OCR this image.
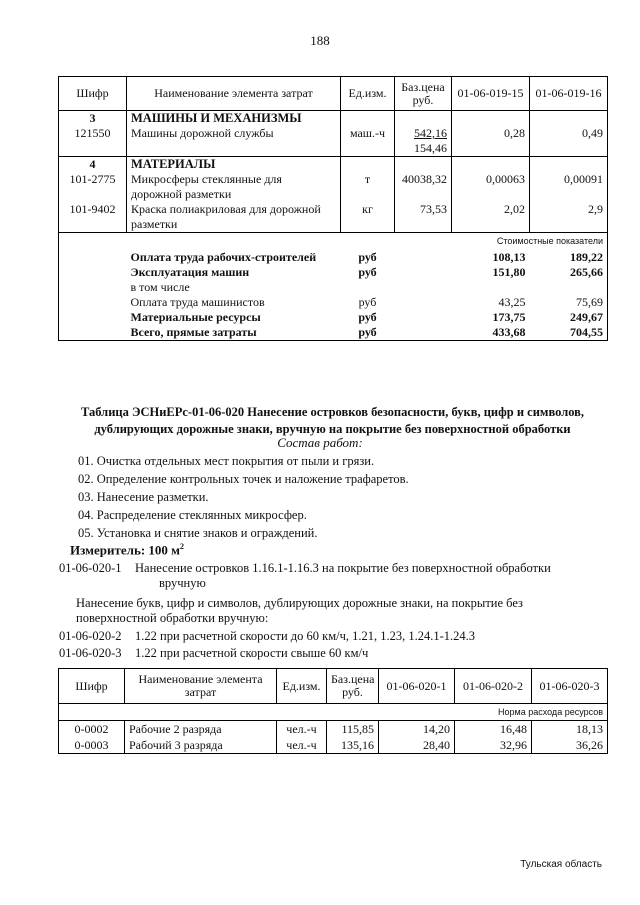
188
Шифр	Наименование элемента затрат	Ед.изм.	Баз.цена руб.	01-06-019-15	01-06-019-16
3	МАШИНЫ И МЕХАНИЗМЫ				
121550	Машины дорожной службы	маш.-ч	542,16	0,28	0,49
			154,46		
4	МАТЕРИАЛЫ				
101-2775	Микросферы стеклянные для	т	40038,32	0,00063	0,00091
	дорожной разметки				
101-9402	Краска полиакриловая для дорожной	кг	73,53	2,02	2,9
	разметки				
				Стоимостные показатели	
	Оплата труда рабочих-строителей	руб		108,13	189,22
	Эксплуатация машин	руб		151,80	265,66
	в том числе				
	Оплата труда машинистов	руб		43,25	75,69
	Материальные ресурсы	руб		173,75	249,67
	Всего, прямые затраты	руб		433,68	704,55
Таблица ЭСНиЕРс-01-06-020 Нанесение островков безопасности, букв, цифр и символов,
дублирующих дорожные знаки, вручную на покрытие без поверхностной обработки
Состав работ:
01. Очистка отдельных мест покрытия от пыли и грязи.
02. Определение контрольных точек и наложение трафаретов.
03. Нанесение разметки.
04. Распределение стеклянных микросфер.
05. Установка и снятие знаков и ограждений.
Измеритель: 100 $м^2$
01-06-020-1 Нанесение островков 1.16.1-1.16.3 на покрытие без поверхностной обработки
вручную
Нанесение букв, цифр и символов, дублирующих дорожные знаки, на покрытие без поверхностной обработки вручную:
01-06-020-2 1.22 при расчетной скорости до 60 км/ч, 1.21, 1.23, 1.24.1-1.24.3
01-06-020-3 1.22 при расчетной скорости свыше 60 км/ч
Шифр	Наименование элемента затрат	Ед.изм.	Баз.цена руб.	01-06-020-1	01-06-020-2	01-06-020-3
				Норма расхода ресурсов		
0-0002	Рабочие 2 разряда	чел.-ч	115,85	14,20	16,48	18,13
0-0003	Рабочий 3 разряда	чел.-ч	135,16	28,40	32,96	36,26
Тульская область
